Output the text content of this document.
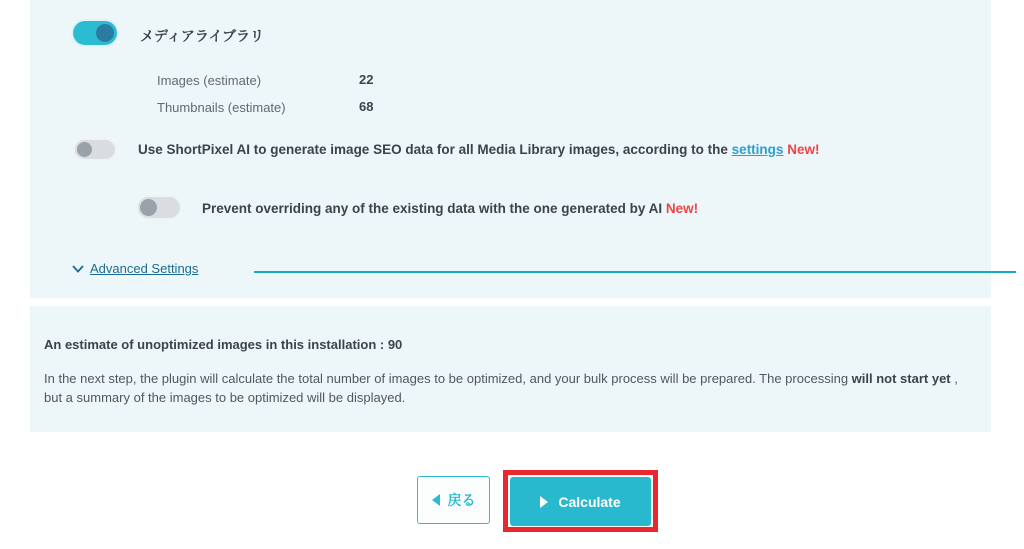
メディアライブラリ
Images (estimate)	22
Thumbnails (estimate)	68
Use ShortPixel AI to generate image SEO data for all Media Library images, according to the settings New!
Prevent overriding any of the existing data with the one generated by AI New!
Advanced Settings
An estimate of unoptimized images in this installation : 90
In the next step, the plugin will calculate the total number of images to be optimized, and your bulk process will be prepared. The processing will not start yet , but a summary of the images to be optimized will be displayed.
戻る	Calculate
